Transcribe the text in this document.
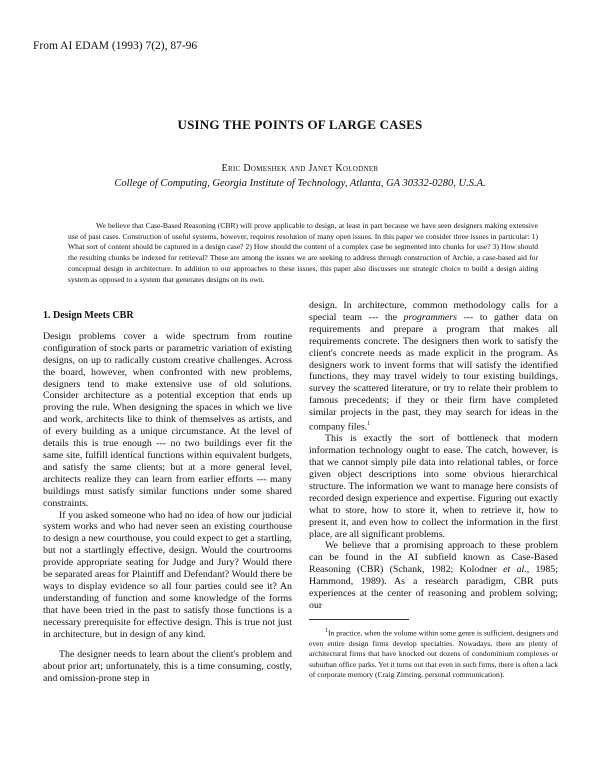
From AI EDAM (1993) 7(2), 87-96
USING THE POINTS OF LARGE CASES
Eric Domeshek and Janet Kolodner
College of Computing, Georgia Institute of Technology, Atlanta, GA 30332-0280, U.S.A.

We believe that Case-Based Reasoning (CBR) will prove applicable to design, at least in part because we have seen designers making extensive use of past cases. Construction of useful systems, however, requires resolution of many open issues. In this paper we consider three issues in particular: 1) What sort of content should be captured in a design case? 2) How should the content of a complex case be segmented into chunks for use? 3) How should the resulting chunks be indexed for retrieval? These are among the issues we are seeking to address through construction of Archie, a case-based aid for conceptual design in architecture. In addition to our approaches to these issues, this paper also discusses our strategic choice to build a design aiding system as opposed to a system that generates designs on its own.

1. Design Meets CBR

Design problems cover a wide spectrum from routine configuration of stock parts or parametric variation of existing designs, on up to radically custom creative challenges. Across the board, however, when confronted with new problems, designers tend to make extensive use of old solutions. Consider architecture as a potential exception that ends up proving the rule. When designing the spaces in which we live and work, architects like to think of themselves as artists, and of every building as a unique circumstance. At the level of details this is true enough --- no two buildings ever fit the same site, fulfill identical functions within equivalent budgets, and satisfy the same clients; but at a more general level, architects realize they can learn from earlier efforts --- many buildings must satisfy similar functions under some shared constraints.

If you asked someone who had no idea of how our judicial system works and who had never seen an existing courthouse to design a new courthouse, you could expect to get a startling, but not a startlingly effective, design. Would the courtrooms provide appropriate seating for Judge and Jury? Would there be separated areas for Plaintiff and Defendant? Would there be ways to display evidence so all four parties could see it? An understanding of function and some knowledge of the forms that have been tried in the past to satisfy those functions is a necessary prerequisite for effective design. This is true not just in architecture, but in design of any kind.

The designer needs to learn about the client's problem and about prior art; unfortunately, this is a time consuming, costly, and omission-prone step in

design. In architecture, common methodology calls for a special team --- the programmers --- to gather data on requirements and prepare a program that makes all requirements concrete. The designers then work to satisfy the client's concrete needs as made explicit in the program. As designers work to invent forms that will satisfy the identified functions, they may travel widely to tour existing buildings, survey the scattered literature, or try to relate their problem to famous precedents; if they or their firm have completed similar projects in the past, they may search for ideas in the company files.$^1$

This is exactly the sort of bottleneck that modern information technology ought to ease. The catch, however, is that we cannot simply pile data into relational tables, or force given object descriptions into some obvious hierarchical structure. The information we want to manage here consists of recorded design experience and expertise. Figuring out exactly what to store, how to store it, when to retrieve it, how to present it, and even how to collect the information in the first place, are all significant problems.

We believe that a promising approach to these problem can be found in the AI subfield known as Case-Based Reasoning (CBR) (Schank, 1982; Kolodner et al., 1985; Hammond, 1989). As a research paradigm, CBR puts experiences at the center of reasoning and problem solving; our

$^1$In practice, when the volume within some genre is sufficient, designers and even entire design firms develop specialties. Nowadays, there are plenty of architectural firms that have knocked out dozens of condominium complexes or suburban office parks. Yet it turns out that even in such firms, there is often a lack of corporate memory (Craig Zimring, personal communication).
